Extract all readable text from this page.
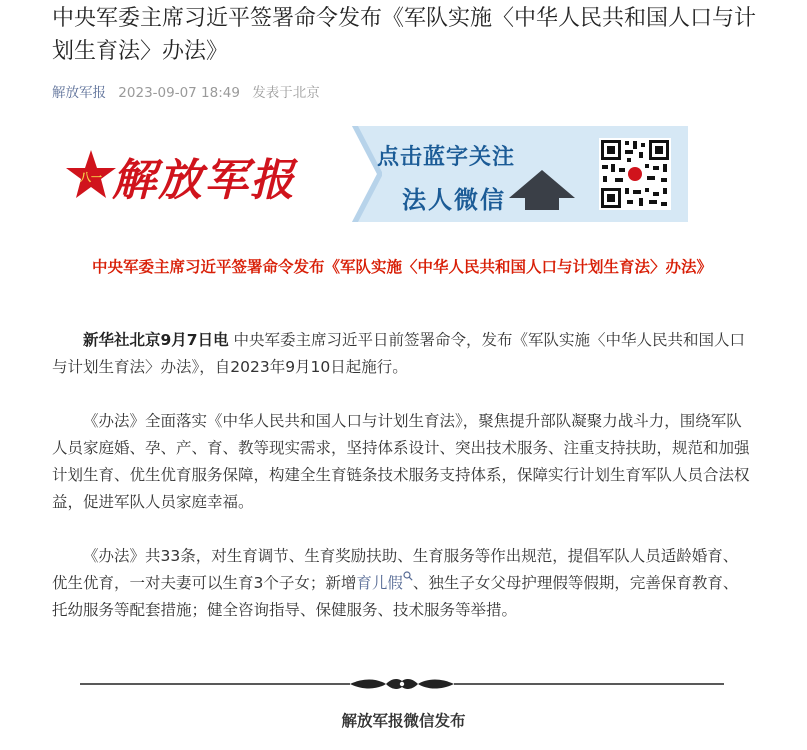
中央军委主席习近平签署命令发布《军队实施〈中华人民共和国人口与计划生育法〉办法》
解放军报 2023-09-07 18:49 发表于北京
八一 解放军报	点击蓝字关注
法人微信
中央军委主席习近平签署命令发布《军队实施〈中华人民共和国人口与计划生育法〉办法》

新华社北京9月7日电 中央军委主席习近平日前签署命令，发布《军队实施〈中华人民共和国人口与计划生育法〉办法》，自2023年9月10日起施行。

《办法》全面落实《中华人民共和国人口与计划生育法》，聚焦提升部队凝聚力战斗力，围绕军队人员家庭婚、孕、产、育、教等现实需求，坚持体系设计、突出技术服务、注重支持扶助，规范和加强计划生育、优生优育服务保障，构建全生育链条技术服务支持体系，保障实行计划生育军队人员合法权益，促进军队人员家庭幸福。

《办法》共33条，对生育调节、生育奖励扶助、生育服务等作出规范，提倡军队人员适龄婚育、优生优育，一对夫妻可以生育3个子女；新增育儿假 、独生子女父母护理假等假期，完善保育教育、托幼服务等配套措施；健全咨询指导、保健服务、技术服务等举措。

解放军报微信发布
